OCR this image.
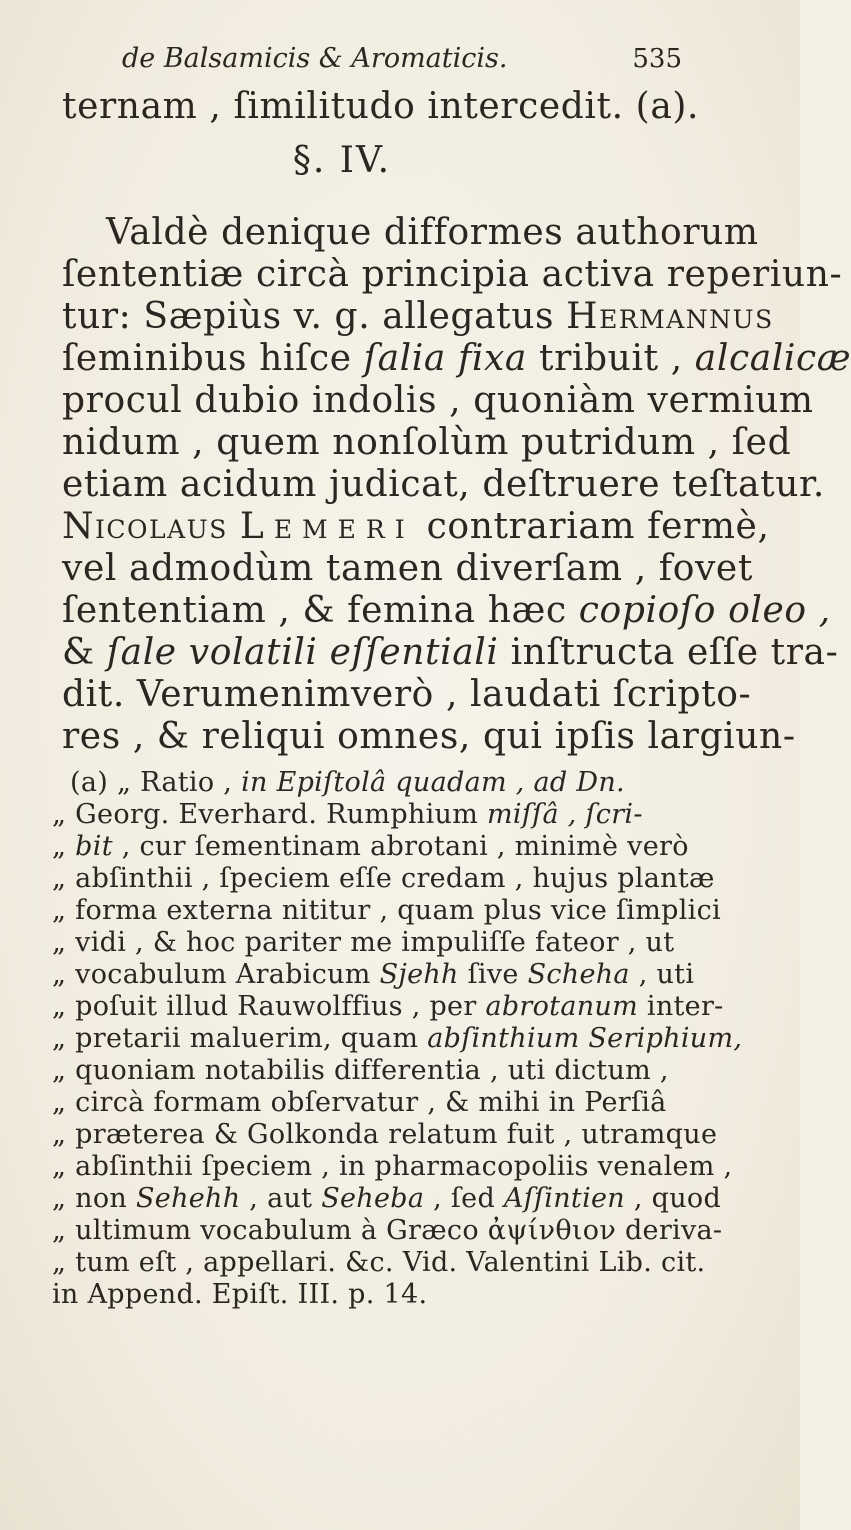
de Balsamicis & Aromaticis.	535
ternam , ſimilitudo intercedit. (a).
§. IV.
Valdè denique difformes authorum
ſententiæ circà principia activa reperiun-
tur: Sæpiùs v. g. allegatus Hermannus
ſeminibus hiſce ſalia fixa tribuit , alcalicæ
procul dubio indolis , quoniàm vermium
nidum , quem nonſolùm putridum , ſed
etiam acidum judicat, deſtruere teſtatur.
Nicolaus Lemeri contrariam fermè,
vel admodùm tamen diverſam , fovet
ſententiam , & femina hæc copioſo oleo ,
& ſale volatili eſſentiali inſtructa eſſe tra-
dit. Verumenimverò , laudati ſcripto-
res , & reliqui omnes, qui ipſis largiun-
(a) „ Ratio , in Epiſtolâ quadam , ad Dn.
„ Georg. Everhard. Rumphium miſſâ , ſcri-
„ bit , cur ſementinam abrotani , minimè verò
„ abſinthii , ſpeciem eſſe credam , hujus plantæ
„ forma externa nititur , quam plus vice ſimplici
„ vidi , & hoc pariter me impuliſſe fateor , ut
„ vocabulum Arabicum Sjehh ſive Scheha , uti
„ poſuit illud Rauwolffius , per abrotanum inter-
„ pretarii maluerim, quam abſinthium Seriphium,
„ quoniam notabilis differentia , uti dictum ,
„ circà formam obſervatur , & mihi in Perſiâ
„ præterea & Golkonda relatum fuit , utramque
„ abſinthii ſpeciem , in pharmacopoliis venalem ,
„ non Sehehh , aut Seheba , ſed Aſſintien , quod
„ ultimum vocabulum à Græco ἀψίνθιον deriva-
„ tum eſt , appellari. &c. Vid. Valentini Lib. cit.
in Append. Epiſt. III. p. 14.
